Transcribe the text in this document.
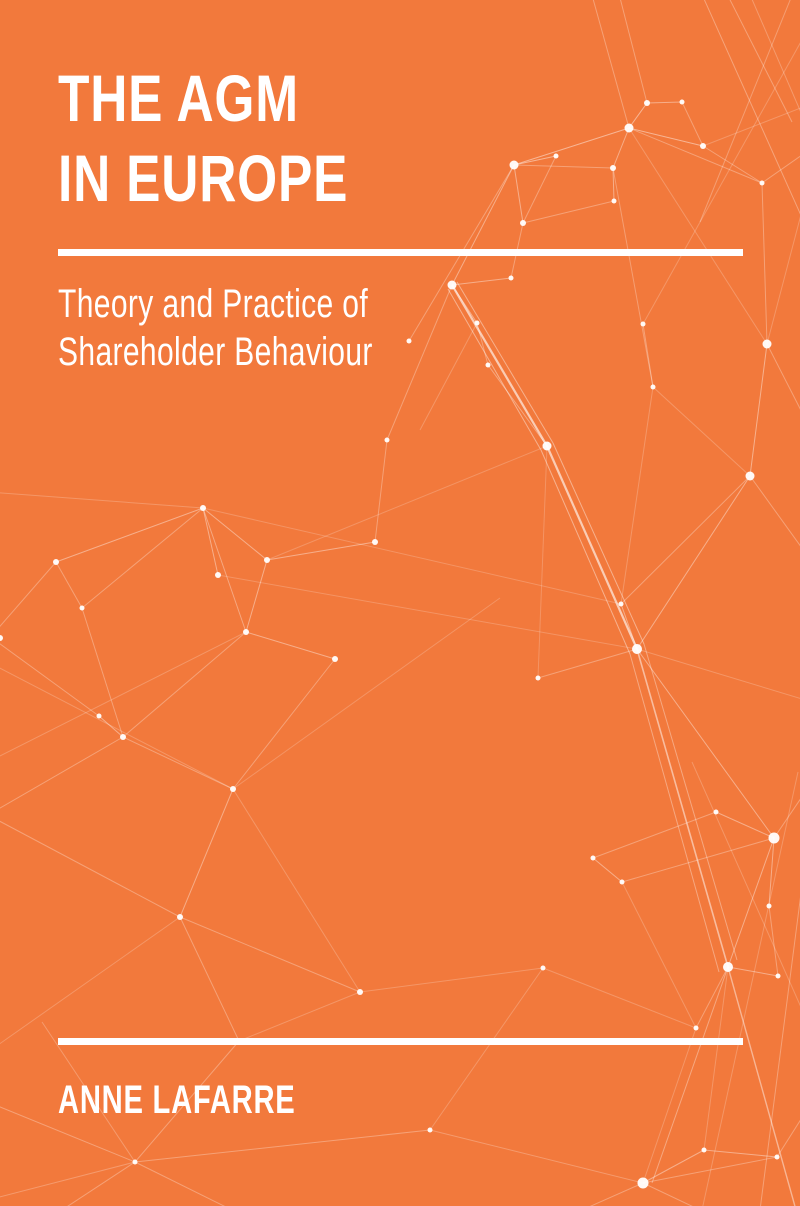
THE AGM
IN EUROPE
Theory and Practice of
Shareholder Behaviour
ANNE LAFARRE
